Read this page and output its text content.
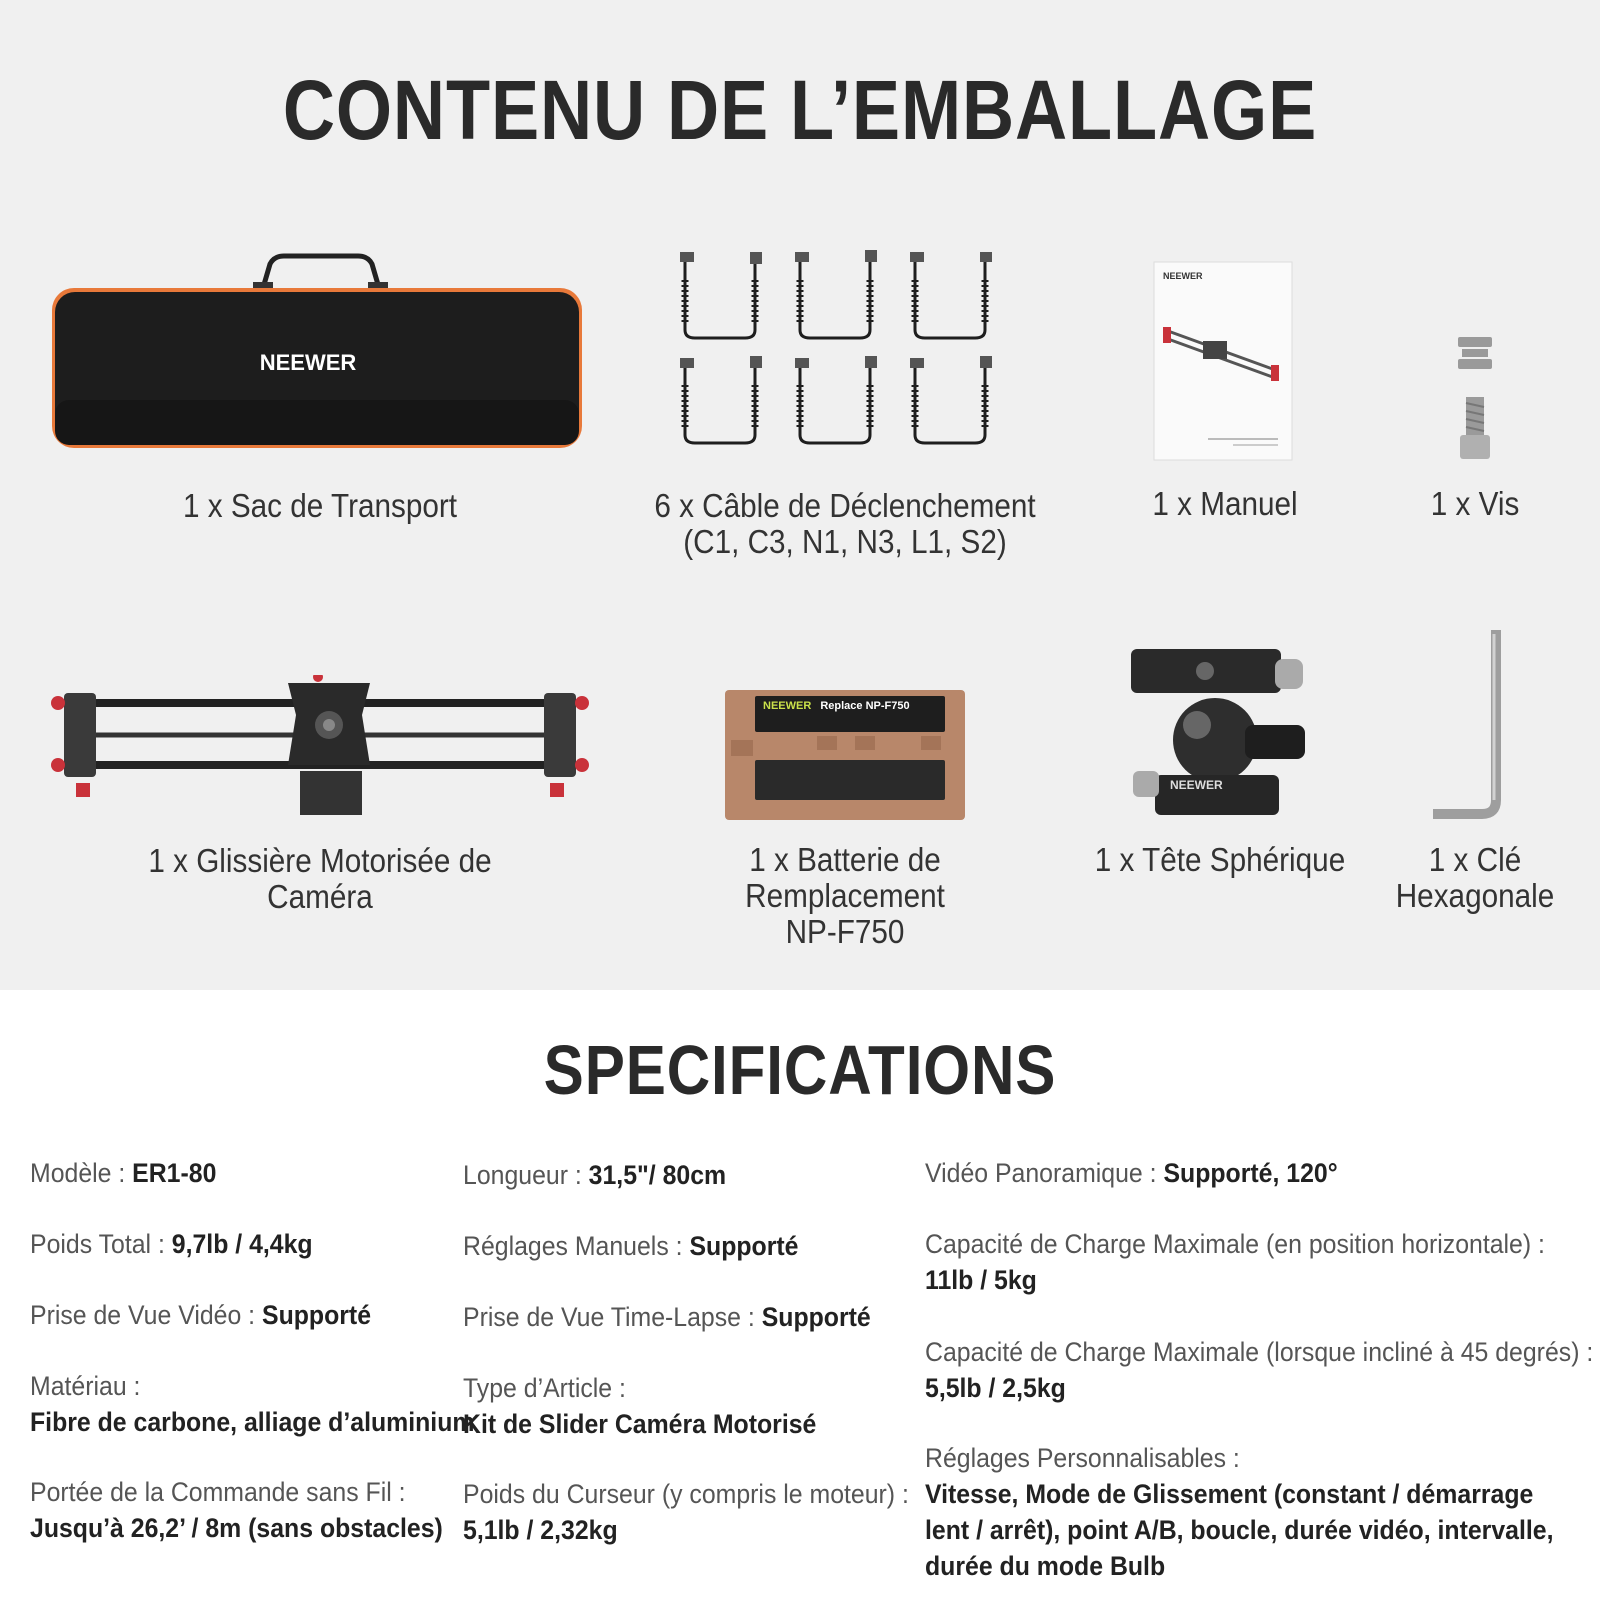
CONTENU DE L’EMBALLAGE
NEEWER
1 x Sac de Transport	6 x Câble de Déclenchement
(C1, C3, N1, N3, L1, S2)
NEEWER
1 x Manuel	1 x Vis
1 x Glissière Motorisée de Caméra
NEEWER Replace NP-F750
1 x Batterie de Remplacement
NP-F750
NEEWER
1 x Tête Sphérique	1 x Clé
Hexagonale
SPECIFICATIONS
Modèle : ER1-80
Poids Total : 9,7lb / 4,4kg
Prise de Vue Vidéo : Supporté
Matériau :
Fibre de carbone, alliage d’aluminium
Portée de la Commande sans Fil :
Jusqu’à 26,2’ / 8m (sans obstacles)
Longueur : 31,5"/ 80cm
Réglages Manuels : Supporté
Prise de Vue Time-Lapse : Supporté
Type d’Article :
Kit de Slider Caméra Motorisé
Poids du Curseur (y compris le moteur) :
5,1lb / 2,32kg
Vidéo Panoramique : Supporté, 120°
Capacité de Charge Maximale (en position horizontale) :
11lb / 5kg
Capacité de Charge Maximale (lorsque incliné à 45 degrés) :
5,5lb / 2,5kg
Réglages Personnalisables :
Vitesse, Mode de Glissement (constant / démarrage
lent / arrêt), point A/B, boucle, durée vidéo, intervalle,
durée du mode Bulb
